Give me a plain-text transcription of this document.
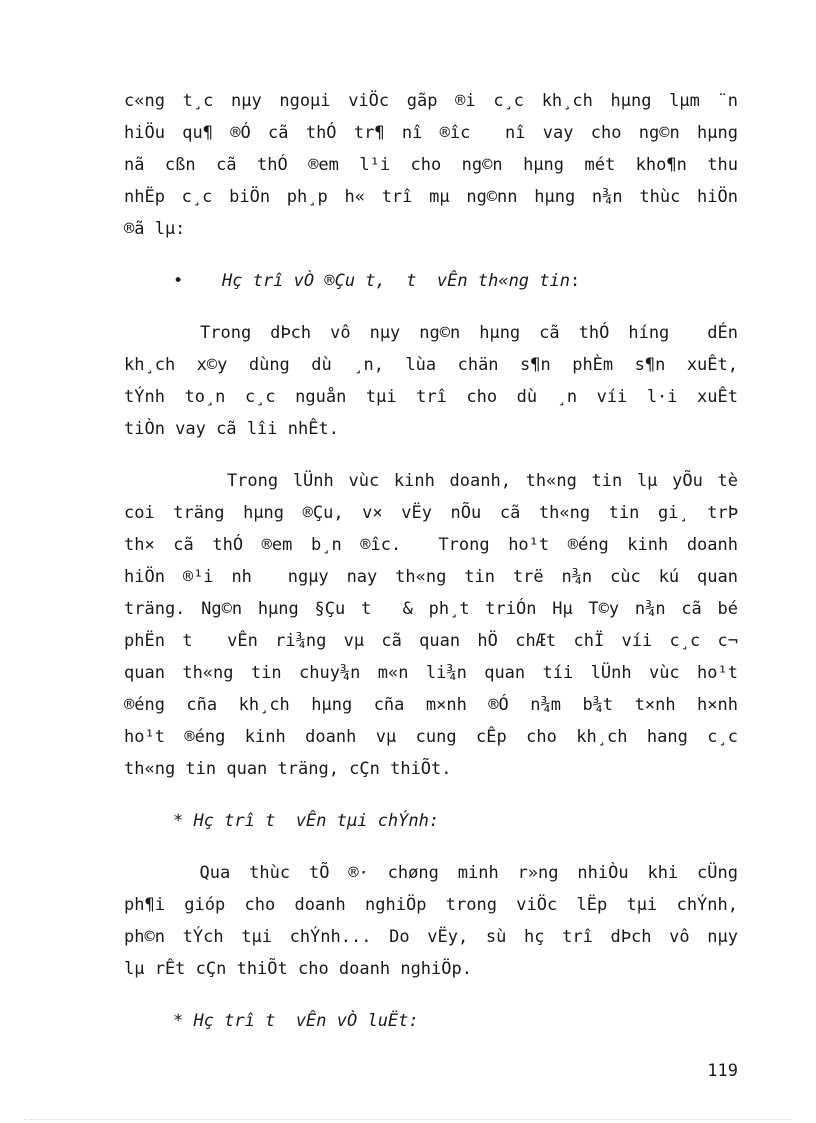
c«ng t¸c nµy ngoµi viÖc gãp ®i c¸c kh¸ch hµng lµm ¨n
hiÖu qu¶ ®Ó cã thÓ tr¶ nî ®îc  nî vay cho ng©n hµng
nã cßn cã thÓ ®em l¹i cho ng©n hµng mét kho¶n thu
nhËp c¸c biÖn ph¸p h« trî mµ ng©nn hµng n¾n thùc hiÖn
®ã lµ:
• Hç trî vÒ ®Çu t,  t  vÊn th«ng tin:
Trong dÞch vô nµy ng©n hµng cã thÓ híng  dÉn
kh¸ch x©y dùng dù ¸n, lùa chän s¶n phÈm s¶n xuÊt,
tÝnh to¸n c¸c nguån tµi trî cho dù ¸n víi l·i xuÊt
tiÒn vay cã lîi nhÊt.
Trong lÜnh vùc kinh doanh, th«ng tin lµ yÕu tè
coi träng hµng ®Çu, v× vËy nÕu cã th«ng tin gi¸ trÞ
th× cã thÓ ®em b¸n ®îc.  Trong ho¹t ®éng kinh doanh
hiÖn ®¹i nh  ngµy nay th«ng tin trë n¾n cùc kú quan
träng. Ng©n hµng §Çu t  & ph¸t triÓn Hµ T©y n¾n cã bé
phËn t  vÊn ri¾ng vµ cã quan hÖ chÆt chÏ víi c¸c c¬
quan th«ng tin chuy¾n m«n li¾n quan tíi lÜnh vùc ho¹t
®éng cña kh¸ch hµng cña m×nh ®Ó n¾m b¾t t×nh h×nh
ho¹t ®éng kinh doanh vµ cung cÊp cho kh¸ch hang c¸c
th«ng tin quan träng, cÇn thiÕt.
* Hç trî t  vÊn tµi chÝnh:
Qua thùc tÕ ®· chøng minh r»ng nhiÒu khi cÜng
ph¶i gióp cho doanh nghiÖp trong viÖc lËp tµi chÝnh,
ph©n tÝch tµi chÝnh... Do vËy, sù hç trî dÞch vô nµy
lµ rÊt cÇn thiÕt cho doanh nghiÖp.
* Hç trî t  vÊn vÒ luËt:
119
